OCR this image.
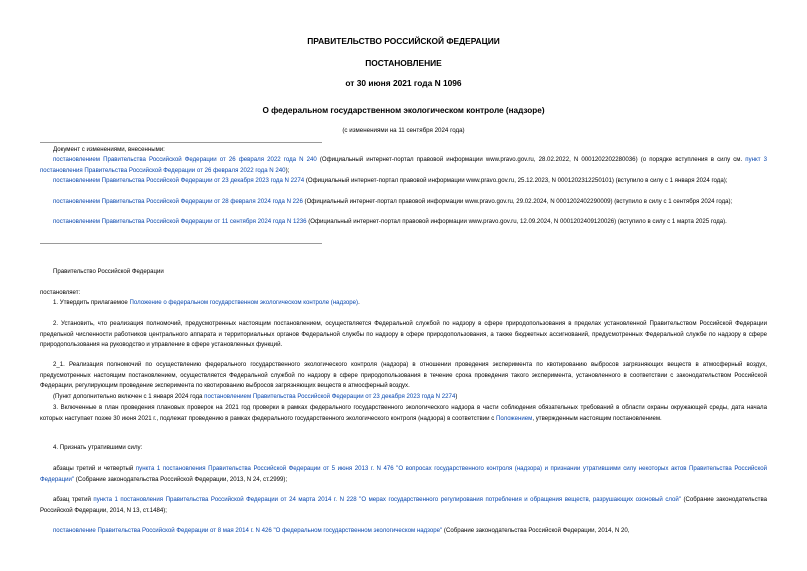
ПРАВИТЕЛЬСТВО РОССИЙСКОЙ ФЕДЕРАЦИИ
ПОСТАНОВЛЕНИЕ
от 30 июня 2021 года N 1096
О федеральном государственном экологическом контроле (надзоре)
(с изменениями на 11 сентября 2024 года)
Документ с изменениями, внесенными:
постановлением Правительства Российской Федерации от 26 февраля 2022 года N 240 (Официальный интернет-портал правовой информации www.pravo.gov.ru, 28.02.2022, N 0001202202280036) (о порядке вступления в силу см. пункт 3 постановления Правительства Российской Федерации от 26 февраля 2022 года N 240);
постановлением Правительства Российской Федерации от 23 декабря 2023 года N 2274 (Официальный интернет-портал правовой информации www.pravo.gov.ru, 25.12.2023, N 0001202312250101) (вступило в силу с 1 января 2024 года);
постановлением Правительства Российской Федерации от 28 февраля 2024 года N 226 (Официальный интернет-портал правовой информации www.pravo.gov.ru, 29.02.2024, N 0001202402290009) (вступило в силу с 1 сентября 2024 года);
постановлением Правительства Российской Федерации от 11 сентября 2024 года N 1236 (Официальный интернет-портал правовой информации www.pravo.gov.ru, 12.09.2024, N 0001202409120026) (вступило в силу с 1 марта 2025 года).
Правительство Российской Федерации
постановляет:
1. Утвердить прилагаемое Положение о федеральном государственном экологическом контроле (надзоре).
2. Установить, что реализация полномочий, предусмотренных настоящим постановлением, осуществляется Федеральной службой по надзору в сфере природопользования в пределах установленной Правительством Российской Федерации предельной численности работников центрального аппарата и территориальных органов Федеральной службы по надзору в сфере природопользования, а также бюджетных ассигнований, предусмотренных Федеральной службе по надзору в сфере природопользования на руководство и управление в сфере установленных функций.
2_1. Реализация полномочий по осуществлению федерального государственного экологического контроля (надзора) в отношении проведения эксперимента по квотированию выбросов загрязняющих веществ в атмосферный воздух, предусмотренных настоящим постановлением, осуществляется Федеральной службой по надзору в сфере природопользования в течение срока проведения такого эксперимента, установленного в соответствии с законодательством Российской Федерации, регулирующим проведение эксперимента по квотированию выбросов загрязняющих веществ в атмосферный воздух.
(Пункт дополнительно включен с 1 января 2024 года постановлением Правительства Российской Федерации от 23 декабря 2023 года N 2274)
3. Включенные в план проведения плановых проверок на 2021 год проверки в рамках федерального государственного экологического надзора в части соблюдения обязательных требований в области охраны окружающей среды, дата начала которых наступает позже 30 июня 2021 г., подлежат проведению в рамках федерального государственного экологического контроля (надзора) в соответствии с Положением, утвержденным настоящим постановлением.
4. Признать утратившими силу:
абзацы третий и четвертый пункта 1 постановления Правительства Российской Федерации от 5 июня 2013 г. N 476 "О вопросах государственного контроля (надзора) и признании утратившими силу некоторых актов Правительства Российской Федерации" (Собрание законодательства Российской Федерации, 2013, N 24, ст.2999);
абзац третий пункта 1 постановления Правительства Российской Федерации от 24 марта 2014 г. N 228 "О мерах государственного регулирования потребления и обращения веществ, разрушающих озоновый слой" (Собрание законодательства Российской Федерации, 2014, N 13, ст.1484);
постановление Правительства Российской Федерации от 8 мая 2014 г. N 426 "О федеральном государственном экологическом надзоре" (Собрание законодательства Российской Федерации, 2014, N 20,
